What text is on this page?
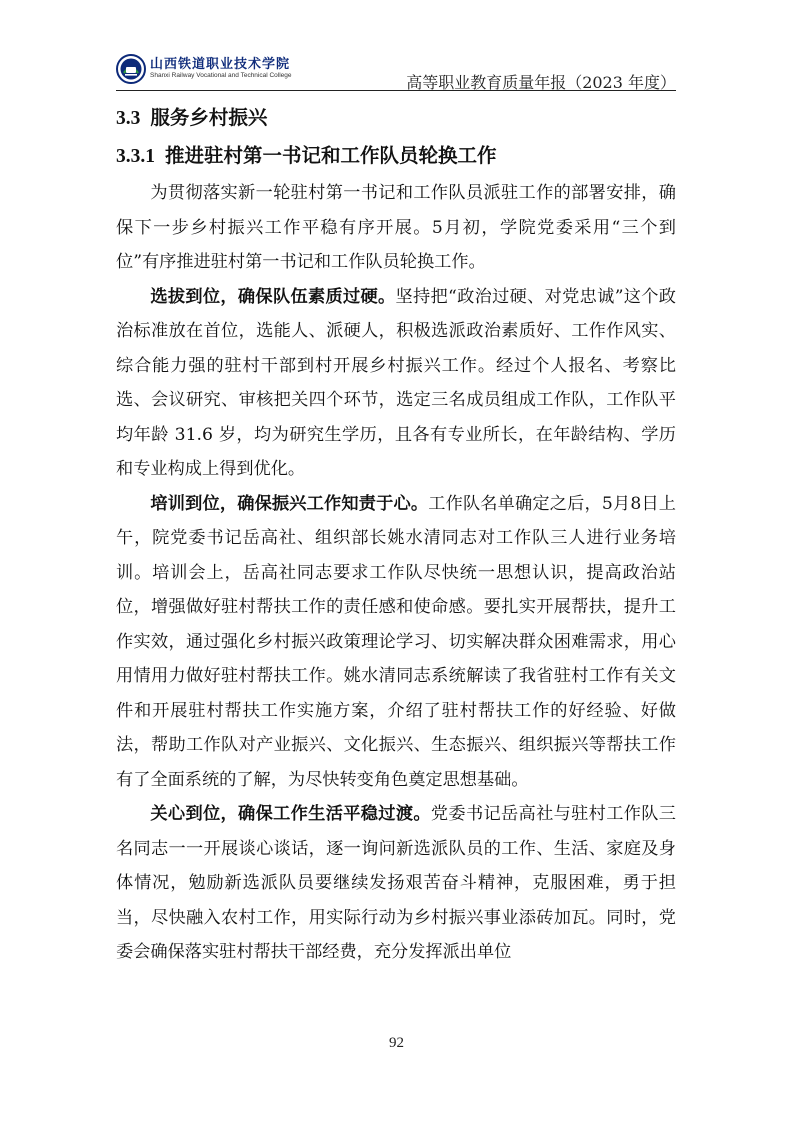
山西铁道职业技术学院
Shanxi Railway Vocational and Technical College	高等职业教育质量年报（2023 年度）
3.3 服务乡村振兴
3.3.1 推进驻村第一书记和工作队员轮换工作

为贯彻落实新一轮驻村第一书记和工作队员派驻工作的部署安排，确保下一步乡村振兴工作平稳有序开展。5月初，学院党委采用“三个到位”有序推进驻村第一书记和工作队员轮换工作。

选拔到位，确保队伍素质过硬。坚持把“政治过硬、对党忠诚”这个政治标准放在首位，选能人、派硬人，积极选派政治素质好、工作作风实、综合能力强的驻村干部到村开展乡村振兴工作。经过个人报名、考察比选、会议研究、审核把关四个环节，选定三名成员组成工作队，工作队平均年龄 31.6 岁，均为研究生学历，且各有专业所长，在年龄结构、学历和专业构成上得到优化。

培训到位，确保振兴工作知责于心。工作队名单确定之后，5月8日上午，院党委书记岳高社、组织部长姚水清同志对工作队三人进行业务培训。培训会上，岳高社同志要求工作队尽快统一思想认识，提高政治站位，增强做好驻村帮扶工作的责任感和使命感。要扎实开展帮扶，提升工作实效，通过强化乡村振兴政策理论学习、切实解决群众困难需求，用心用情用力做好驻村帮扶工作。姚水清同志系统解读了我省驻村工作有关文件和开展驻村帮扶工作实施方案，介绍了驻村帮扶工作的好经验、好做法，帮助工作队对产业振兴、文化振兴、生态振兴、组织振兴等帮扶工作有了全面系统的了解，为尽快转变角色奠定思想基础。

关心到位，确保工作生活平稳过渡。党委书记岳高社与驻村工作队三名同志一一开展谈心谈话，逐一询问新选派队员的工作、生活、家庭及身体情况，勉励新选派队员要继续发扬艰苦奋斗精神，克服困难，勇于担当，尽快融入农村工作，用实际行动为乡村振兴事业添砖加瓦。同时，党委会确保落实驻村帮扶干部经费，充分发挥派出单位

92
